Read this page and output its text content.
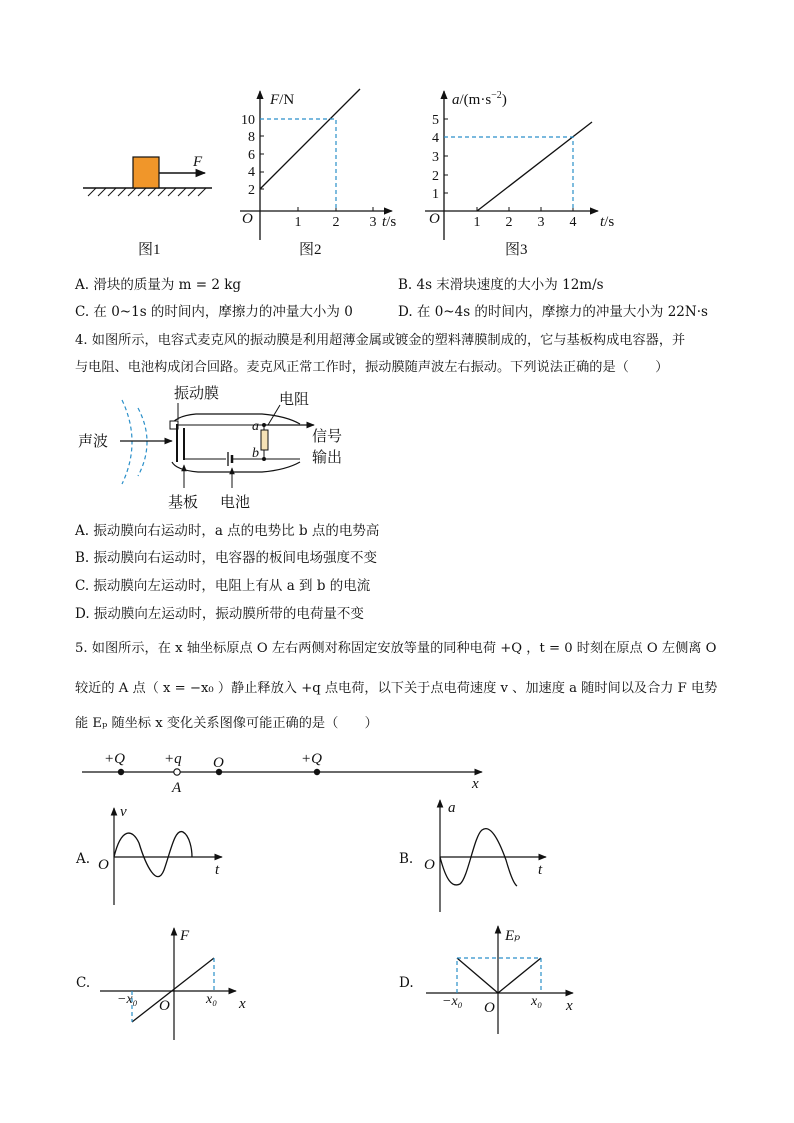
F
图1
F/N
t/s
O
2
4
6
8
10
1 2 3
图2
$a/(m\cdot s^{-2})$
t/s
O
1
2
3
4
5
1 2 3 4
图3
声波
a
b
振动膜	电阻
信号
输出
基板 电池
+Q	+q O	+Q
A	x
v
t
O
a
t
O
F
x
O
−x₀	x₀
Eₚ
x
O
−x₀	x₀
A. 滑块的质量为 m = 2 kg	B. 4s 末滑块速度的大小为 12m/s
C. 在 0~1s 的时间内，摩擦力的冲量大小为 0	D. 在 0~4s 的时间内，摩擦力的冲量大小为 22N·s
4. 如图所示，电容式麦克风的振动膜是利用超薄金属或镀金的塑料薄膜制成的，它与基板构成电容器，并
与电阻、电池构成闭合回路。麦克风正常工作时，振动膜随声波左右振动。下列说法正确的是（　　）
A. 振动膜向右运动时，a 点的电势比 b 点的电势高
B. 振动膜向右运动时，电容器的板间电场强度不变
C. 振动膜向左运动时，电阻上有从 a 到 b 的电流
D. 振动膜向左运动时，振动膜所带的电荷量不变
5. 如图所示，在 x 轴坐标原点 O 左右两侧对称固定安放等量的同种电荷 +Q ，t = 0 时刻在原点 O 左侧离 O
较近的 A 点（ x = −x₀ ）静止释放入 +q 点电荷，以下关于点电荷速度 v 、加速度 a 随时间以及合力 F 电势
能 Eₚ 随坐标 x 变化关系图像可能正确的是（　　）
A.	B.
C.	D.
